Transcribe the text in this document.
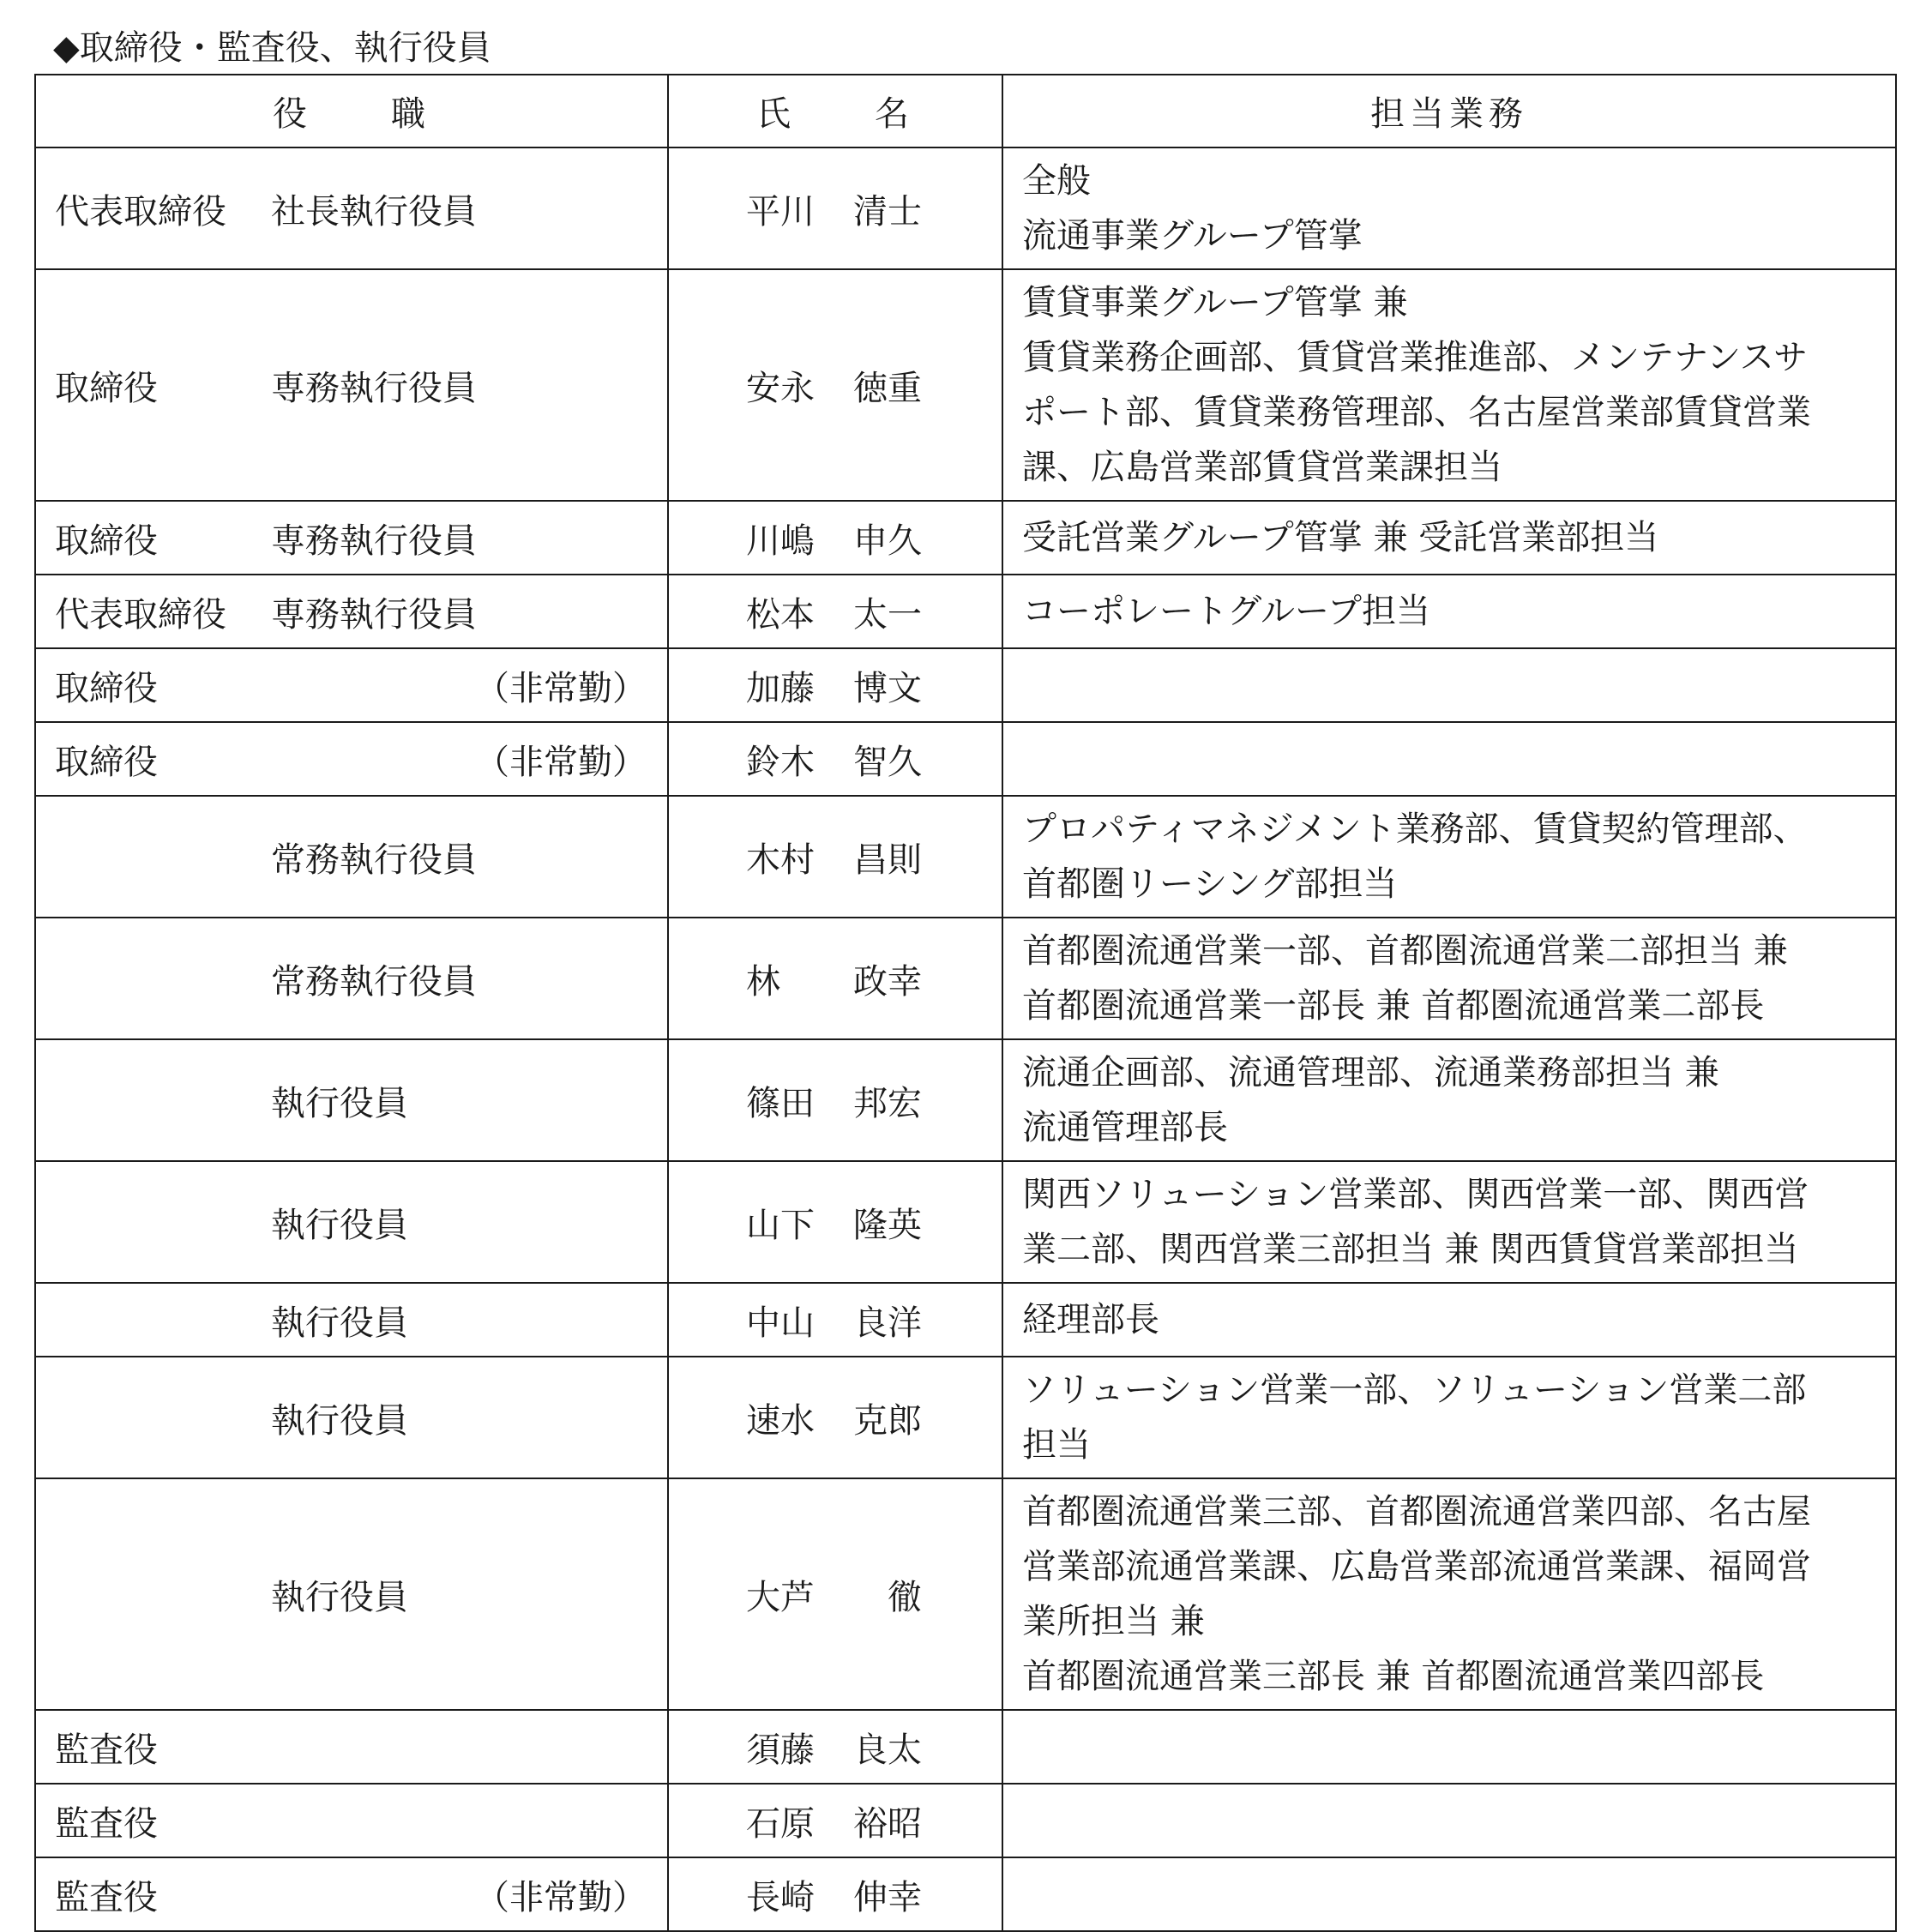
◆取締役・監査役、執行役員
役　　職	氏　　名	担当業務

代表取締役 社長執行役員	平川 清士	全般
流通事業グループ管掌

取締役 専務執行役員	安永 徳重	賃貸事業グループ管掌 兼
賃貸業務企画部、賃貸営業推進部、メンテナンスサ
ポート部、賃貸業務管理部、名古屋営業部賃貸営業
課、広島営業部賃貸営業課担当

取締役 専務執行役員	川嶋 申久	受託営業グループ管掌 兼 受託営業部担当

代表取締役 専務執行役員	松本 太一	コーポレートグループ担当

取締役 （非常勤）	加藤 博文	

取締役 （非常勤）	鈴木 智久	

常務執行役員	木村 昌則	プロパティマネジメント業務部、賃貸契約管理部、
首都圏リーシング部担当

常務執行役員	林 政幸	首都圏流通営業一部、首都圏流通営業二部担当 兼
首都圏流通営業一部長 兼 首都圏流通営業二部長

執行役員	篠田 邦宏	流通企画部、流通管理部、流通業務部担当 兼
流通管理部長

執行役員	山下 隆英	関西ソリューション営業部、関西営業一部、関西営
業二部、関西営業三部担当 兼 関西賃貸営業部担当

執行役員	中山 良洋	経理部長

執行役員	速水 克郎	ソリューション営業一部、ソリューション営業二部
担当

執行役員	大芦 徹	首都圏流通営業三部、首都圏流通営業四部、名古屋
営業部流通営業課、広島営業部流通営業課、福岡営
業所担当 兼
首都圏流通営業三部長 兼 首都圏流通営業四部長

監査役	須藤 良太	

監査役	石原 裕昭	

監査役 （非常勤）	長崎 伸幸	
